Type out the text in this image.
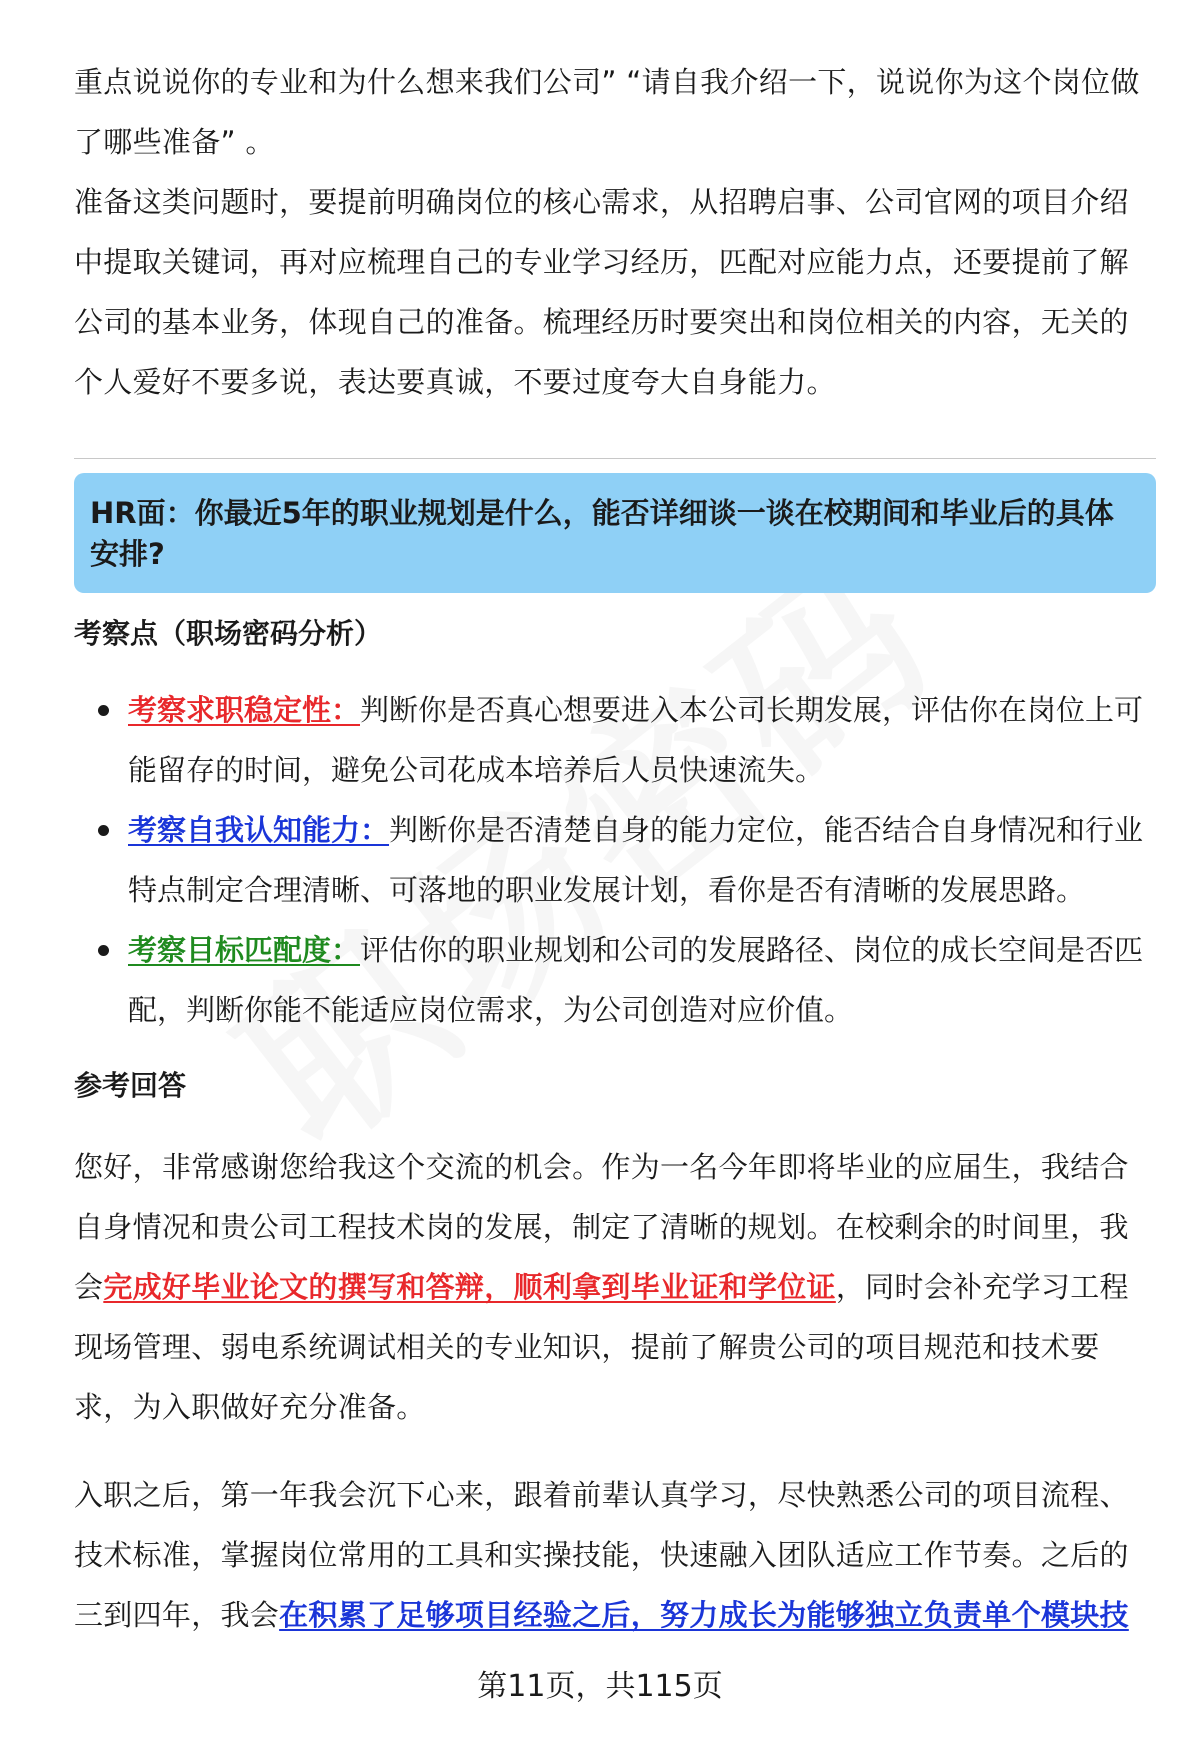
重点说说你的专业和为什么想来我们公司” “请自我介绍一下，说说你为这个岗位做了哪些准备” 。

准备这类问题时，要提前明确岗位的核心需求，从招聘启事、公司官网的项目介绍中提取关键词，再对应梳理自己的专业学习经历，匹配对应能力点，还要提前了解公司的基本业务，体现自己的准备。梳理经历时要突出和岗位相关的内容，无关的个人爱好不要多说，表达要真诚，不要过度夸大自身能力。

HR面：你最近5年的职业规划是什么，能否详细谈一谈在校期间和毕业后的具体安排?

考察点（职场密码分析）

考察求职稳定性：判断你是否真心想要进入本公司长期发展，评估你在岗位上可能留存的时间，避免公司花成本培养后人员快速流失。
考察自我认知能力：判断你是否清楚自身的能力定位，能否结合自身情况和行业特点制定合理清晰、可落地的职业发展计划，看你是否有清晰的发展思路。
考察目标匹配度：评估你的职业规划和公司的发展路径、岗位的成长空间是否匹配，判断你能不能适应岗位需求，为公司创造对应价值。

参考回答

您好，非常感谢您给我这个交流的机会。作为一名今年即将毕业的应届生，我结合自身情况和贵公司工程技术岗的发展，制定了清晰的规划。在校剩余的时间里，我会完成好毕业论文的撰写和答辩，顺利拿到毕业证和学位证，同时会补充学习工程现场管理、弱电系统调试相关的专业知识，提前了解贵公司的项目规范和技术要求，为入职做好充分准备。

入职之后，第一年我会沉下心来，跟着前辈认真学习，尽快熟悉公司的项目流程、技术标准，掌握岗位常用的工具和实操技能，快速融入团队适应工作节奏。之后的三到四年，我会在积累了足够项目经验之后，努力成长为能够独立负责单个模块技

第11页，共115页
